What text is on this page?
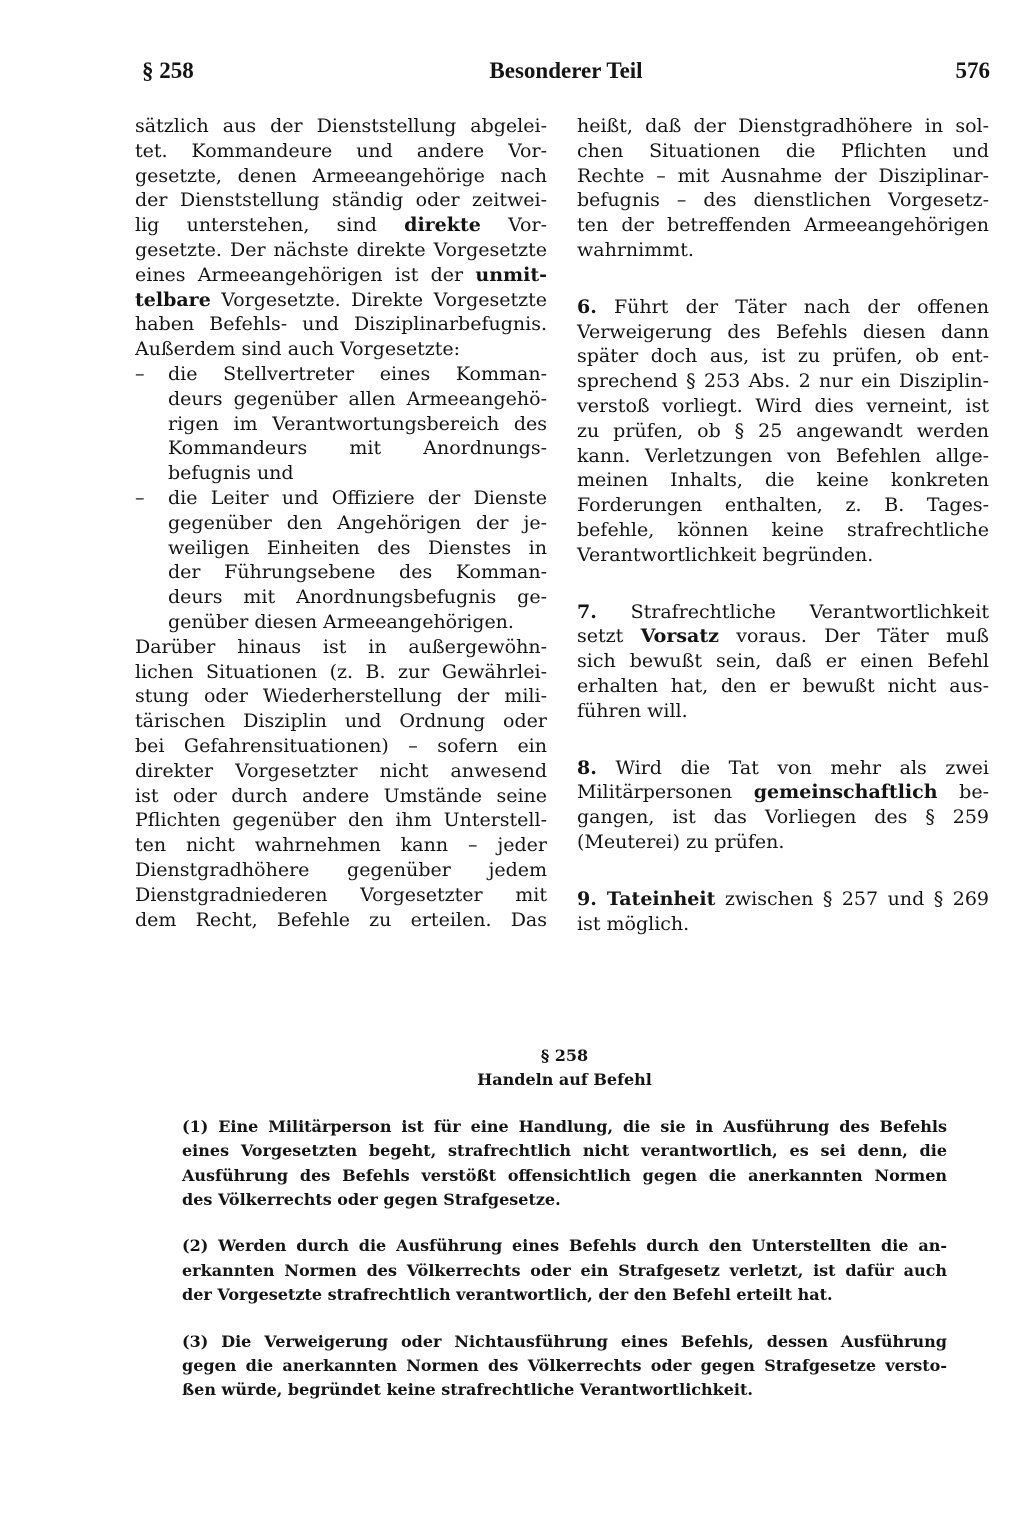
§ 258	Besonderer Teil	576
sätzlich aus der Dienststellung abgelei-
tet. Kommandeure und andere Vor-
gesetzte, denen Armeeangehörige nach
der Dienststellung ständig oder zeitwei-
lig unterstehen, sind direkte Vor-
gesetzte. Der nächste direkte Vorgesetzte
eines Armeeangehörigen ist der unmit-
telbare Vorgesetzte. Direkte Vorgesetzte
haben Befehls- und Disziplinarbefugnis.
Außerdem sind auch Vorgesetzte:
– die Stellvertreter eines Komman-
deurs gegenüber allen Armeeangehö-
rigen im Verantwortungsbereich des
Kommandeurs mit Anordnungs-
befugnis und
– die Leiter und Offiziere der Dienste
gegenüber den Angehörigen der je-
weiligen Einheiten des Dienstes in
der Führungsebene des Komman-
deurs mit Anordnungsbefugnis ge-
genüber diesen Armeeangehörigen.
Darüber hinaus ist in außergewöhn-
lichen Situationen (z. B. zur Gewährlei-
stung oder Wiederherstellung der mili-
tärischen Disziplin und Ordnung oder
bei Gefahrensituationen) – sofern ein
direkter Vorgesetzter nicht anwesend
ist oder durch andere Umstände seine
Pflichten gegenüber den ihm Unterstell-
ten nicht wahrnehmen kann – jeder
Dienstgradhöhere gegenüber jedem
Dienstgradniederen Vorgesetzter mit
dem Recht, Befehle zu erteilen. Das
heißt, daß der Dienstgradhöhere in sol-
chen Situationen die Pflichten und
Rechte – mit Ausnahme der Disziplinar-
befugnis – des dienstlichen Vorgesetz-
ten der betreffenden Armeeangehörigen
wahrnimmt.
6. Führt der Täter nach der offenen
Verweigerung des Befehls diesen dann
später doch aus, ist zu prüfen, ob ent-
sprechend § 253 Abs. 2 nur ein Disziplin-
verstoß vorliegt. Wird dies verneint, ist
zu prüfen, ob § 25 angewandt werden
kann. Verletzungen von Befehlen allge-
meinen Inhalts, die keine konkreten
Forderungen enthalten, z. B. Tages-
befehle, können keine strafrechtliche
Verantwortlichkeit begründen.
7. Strafrechtliche Verantwortlichkeit
setzt Vorsatz voraus. Der Täter muß
sich bewußt sein, daß er einen Befehl
erhalten hat, den er bewußt nicht aus-
führen will.
8. Wird die Tat von mehr als zwei
Militärpersonen gemeinschaftlich be-
gangen, ist das Vorliegen des § 259
(Meuterei) zu prüfen.
9. Tateinheit zwischen § 257 und § 269
ist möglich.
§ 258
Handeln auf Befehl
(1) Eine Militärperson ist für eine Handlung, die sie in Ausführung des Befehls
eines Vorgesetzten begeht, strafrechtlich nicht verantwortlich, es sei denn, die
Ausführung des Befehls verstößt offensichtlich gegen die anerkannten Normen
des Völkerrechts oder gegen Strafgesetze.
(2) Werden durch die Ausführung eines Befehls durch den Unterstellten die an-
erkannten Normen des Völkerrechts oder ein Strafgesetz verletzt, ist dafür auch
der Vorgesetzte strafrechtlich verantwortlich, der den Befehl erteilt hat.
(3) Die Verweigerung oder Nichtausführung eines Befehls, dessen Ausführung
gegen die anerkannten Normen des Völkerrechts oder gegen Strafgesetze versto-
ßen würde, begründet keine strafrechtliche Verantwortlichkeit.
